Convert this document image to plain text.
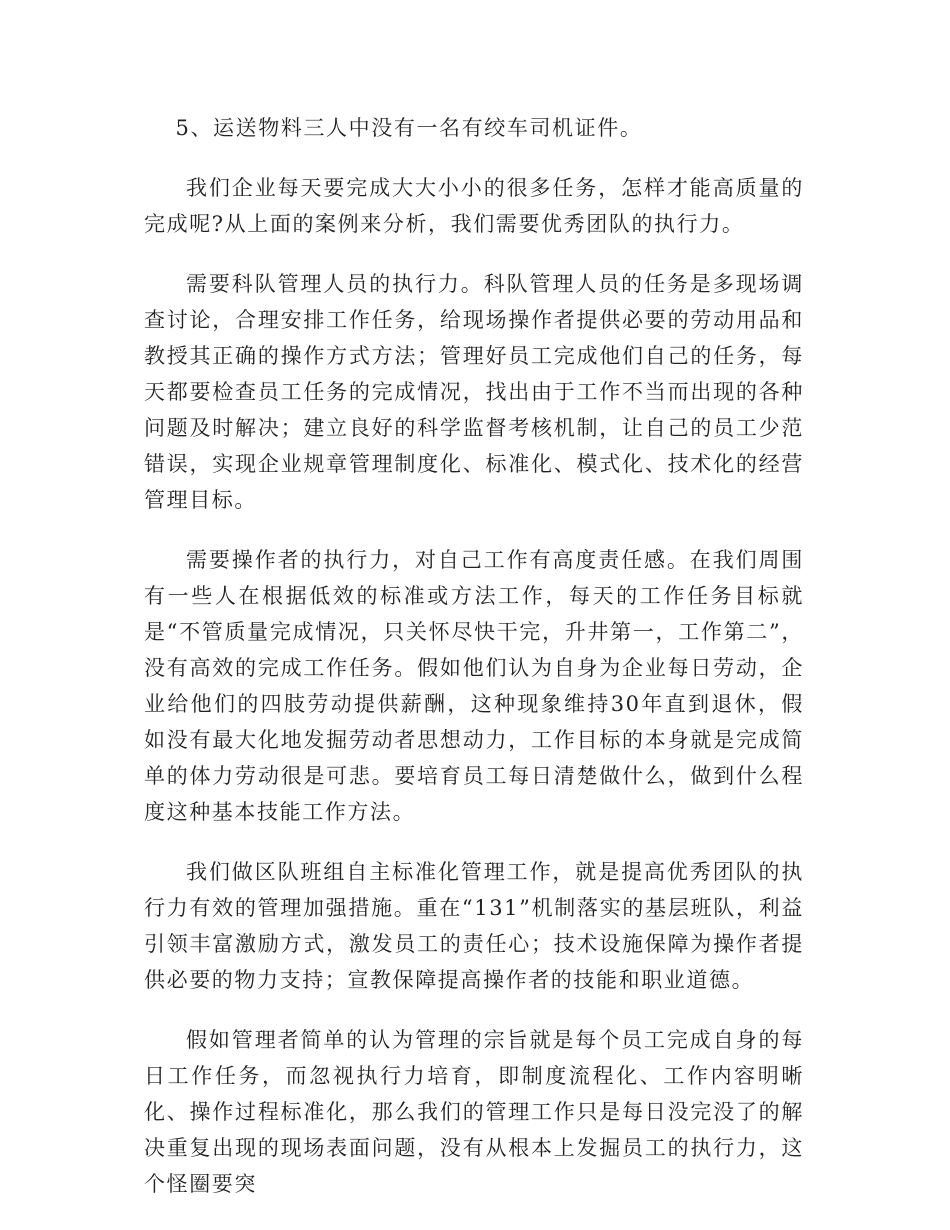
5、运送物料三人中没有一名有绞车司机证件。

我们企业每天要完成大大小小的很多任务，怎样才能高质量的完成呢?从上面的案例来分析，我们需要优秀团队的执行力。

需要科队管理人员的执行力。科队管理人员的任务是多现场调查讨论，合理安排工作任务，给现场操作者提供必要的劳动用品和教授其正确的操作方式方法；管理好员工完成他们自己的任务，每天都要检查员工任务的完成情况，找出由于工作不当而出现的各种问题及时解决；建立良好的科学监督考核机制，让自己的员工少范错误，实现企业规章管理制度化、标准化、模式化、技术化的经营管理目标。

需要操作者的执行力，对自己工作有高度责任感。在我们周围有一些人在根据低效的标准或方法工作，每天的工作任务目标就是“不管质量完成情况，只关怀尽快干完，升井第一，工作第二”，没有高效的完成工作任务。假如他们认为自身为企业每日劳动，企业给他们的四肢劳动提供薪酬，这种现象维持30年直到退休，假如没有最大化地发掘劳动者思想动力，工作目标的本身就是完成简单的体力劳动很是可悲。要培育员工每日清楚做什么，做到什么程度这种基本技能工作方法。

我们做区队班组自主标准化管理工作，就是提高优秀团队的执行力有效的管理加强措施。重在“131”机制落实的基层班队，利益引领丰富激励方式，激发员工的责任心；技术设施保障为操作者提供必要的物力支持；宣教保障提高操作者的技能和职业道德。

假如管理者简单的认为管理的宗旨就是每个员工完成自身的每日工作任务，而忽视执行力培育，即制度流程化、工作内容明晰化、操作过程标准化，那么我们的管理工作只是每日没完没了的解决重复出现的现场表面问题，没有从根本上发掘员工的执行力，这个怪圈要突
